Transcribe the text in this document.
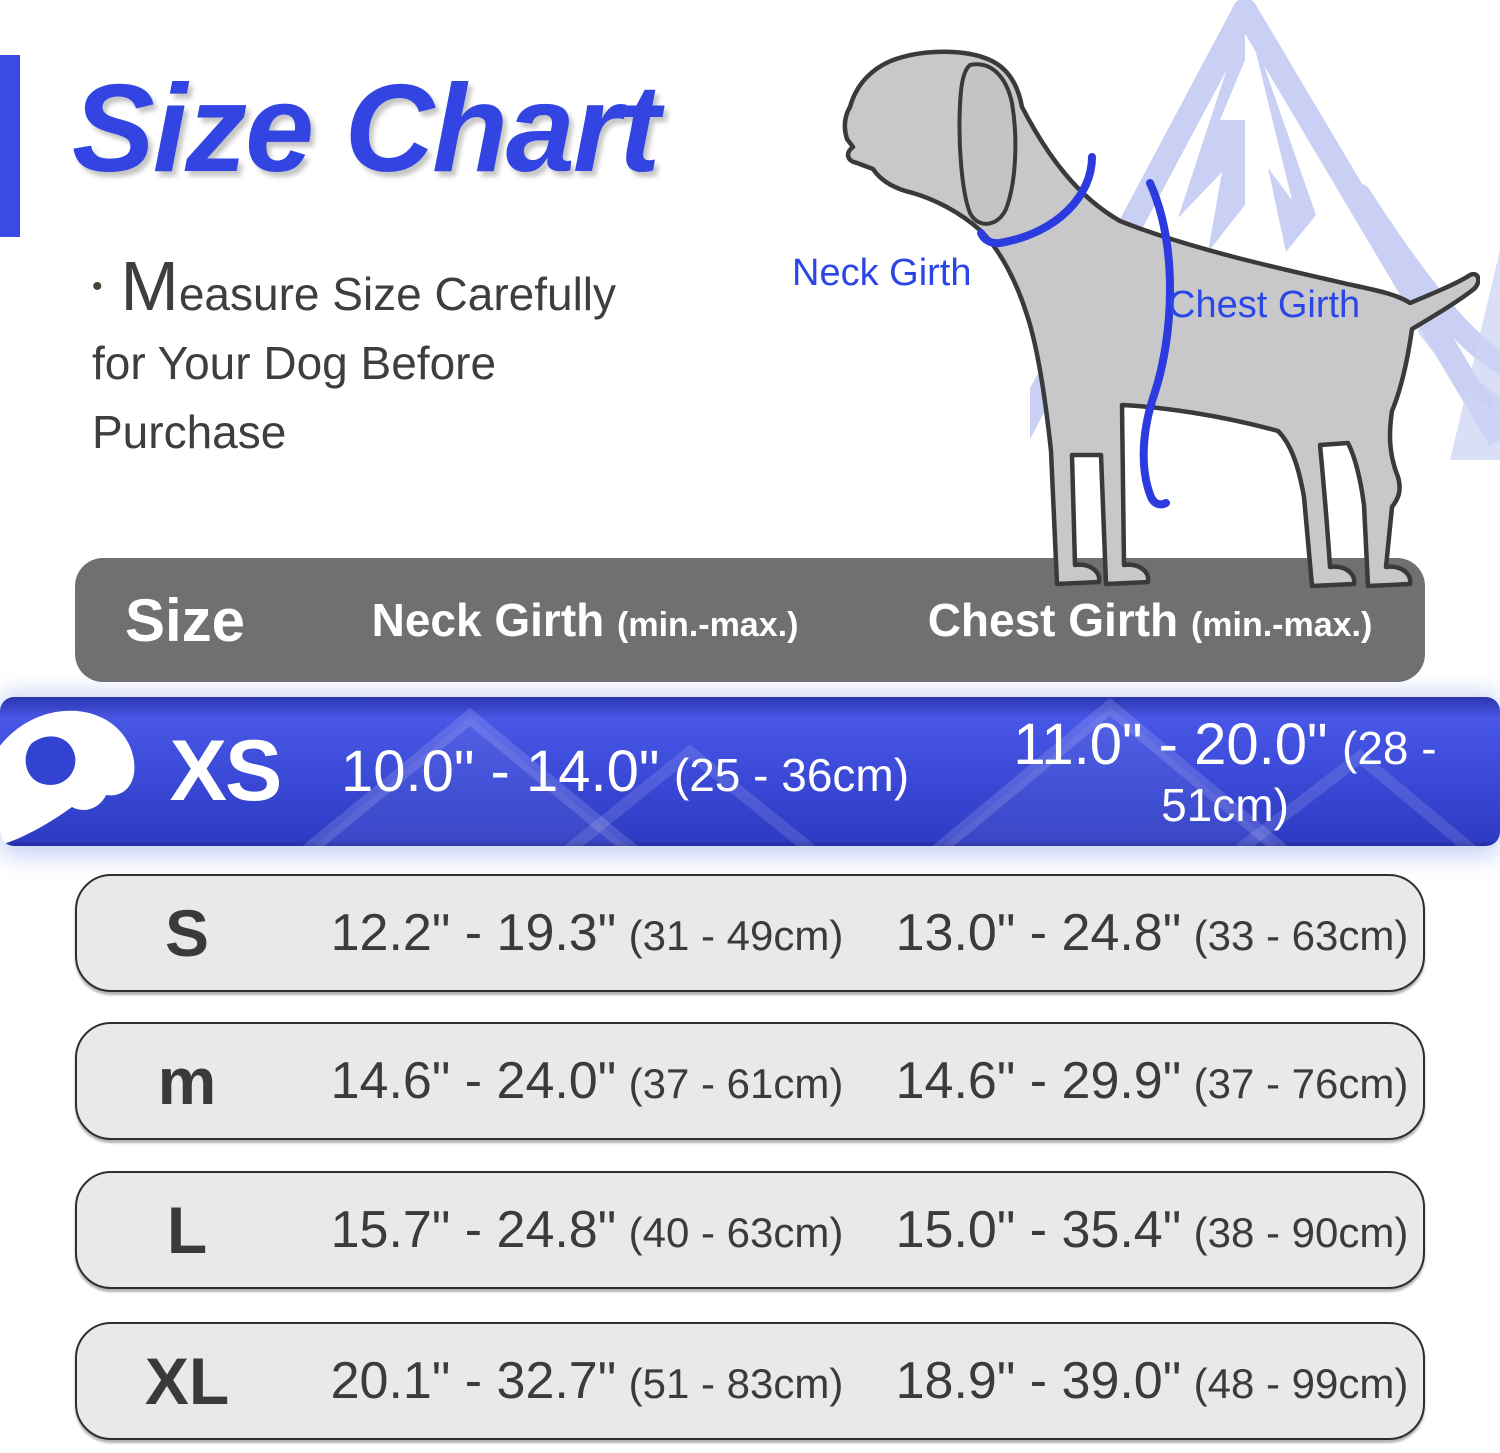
Size Chart
• Measure Size Carefully
for Your Dog Before
Purchase
Neck Girth
Chest Girth
Size	Neck Girth (min.-max.)	Chest Girth (min.-max.)
XS	10.0" - 14.0" (25 - 36cm)	11.0" - 20.0" (28 - 51cm)
S	12.2" - 19.3" (31 - 49cm)	13.0" - 24.8" (33 - 63cm)
m	14.6" - 24.0" (37 - 61cm)	14.6" - 29.9" (37 - 76cm)
L	15.7" - 24.8" (40 - 63cm)	15.0" - 35.4" (38 - 90cm)
XL	20.1" - 32.7" (51 - 83cm)	18.9" - 39.0" (48 - 99cm)
